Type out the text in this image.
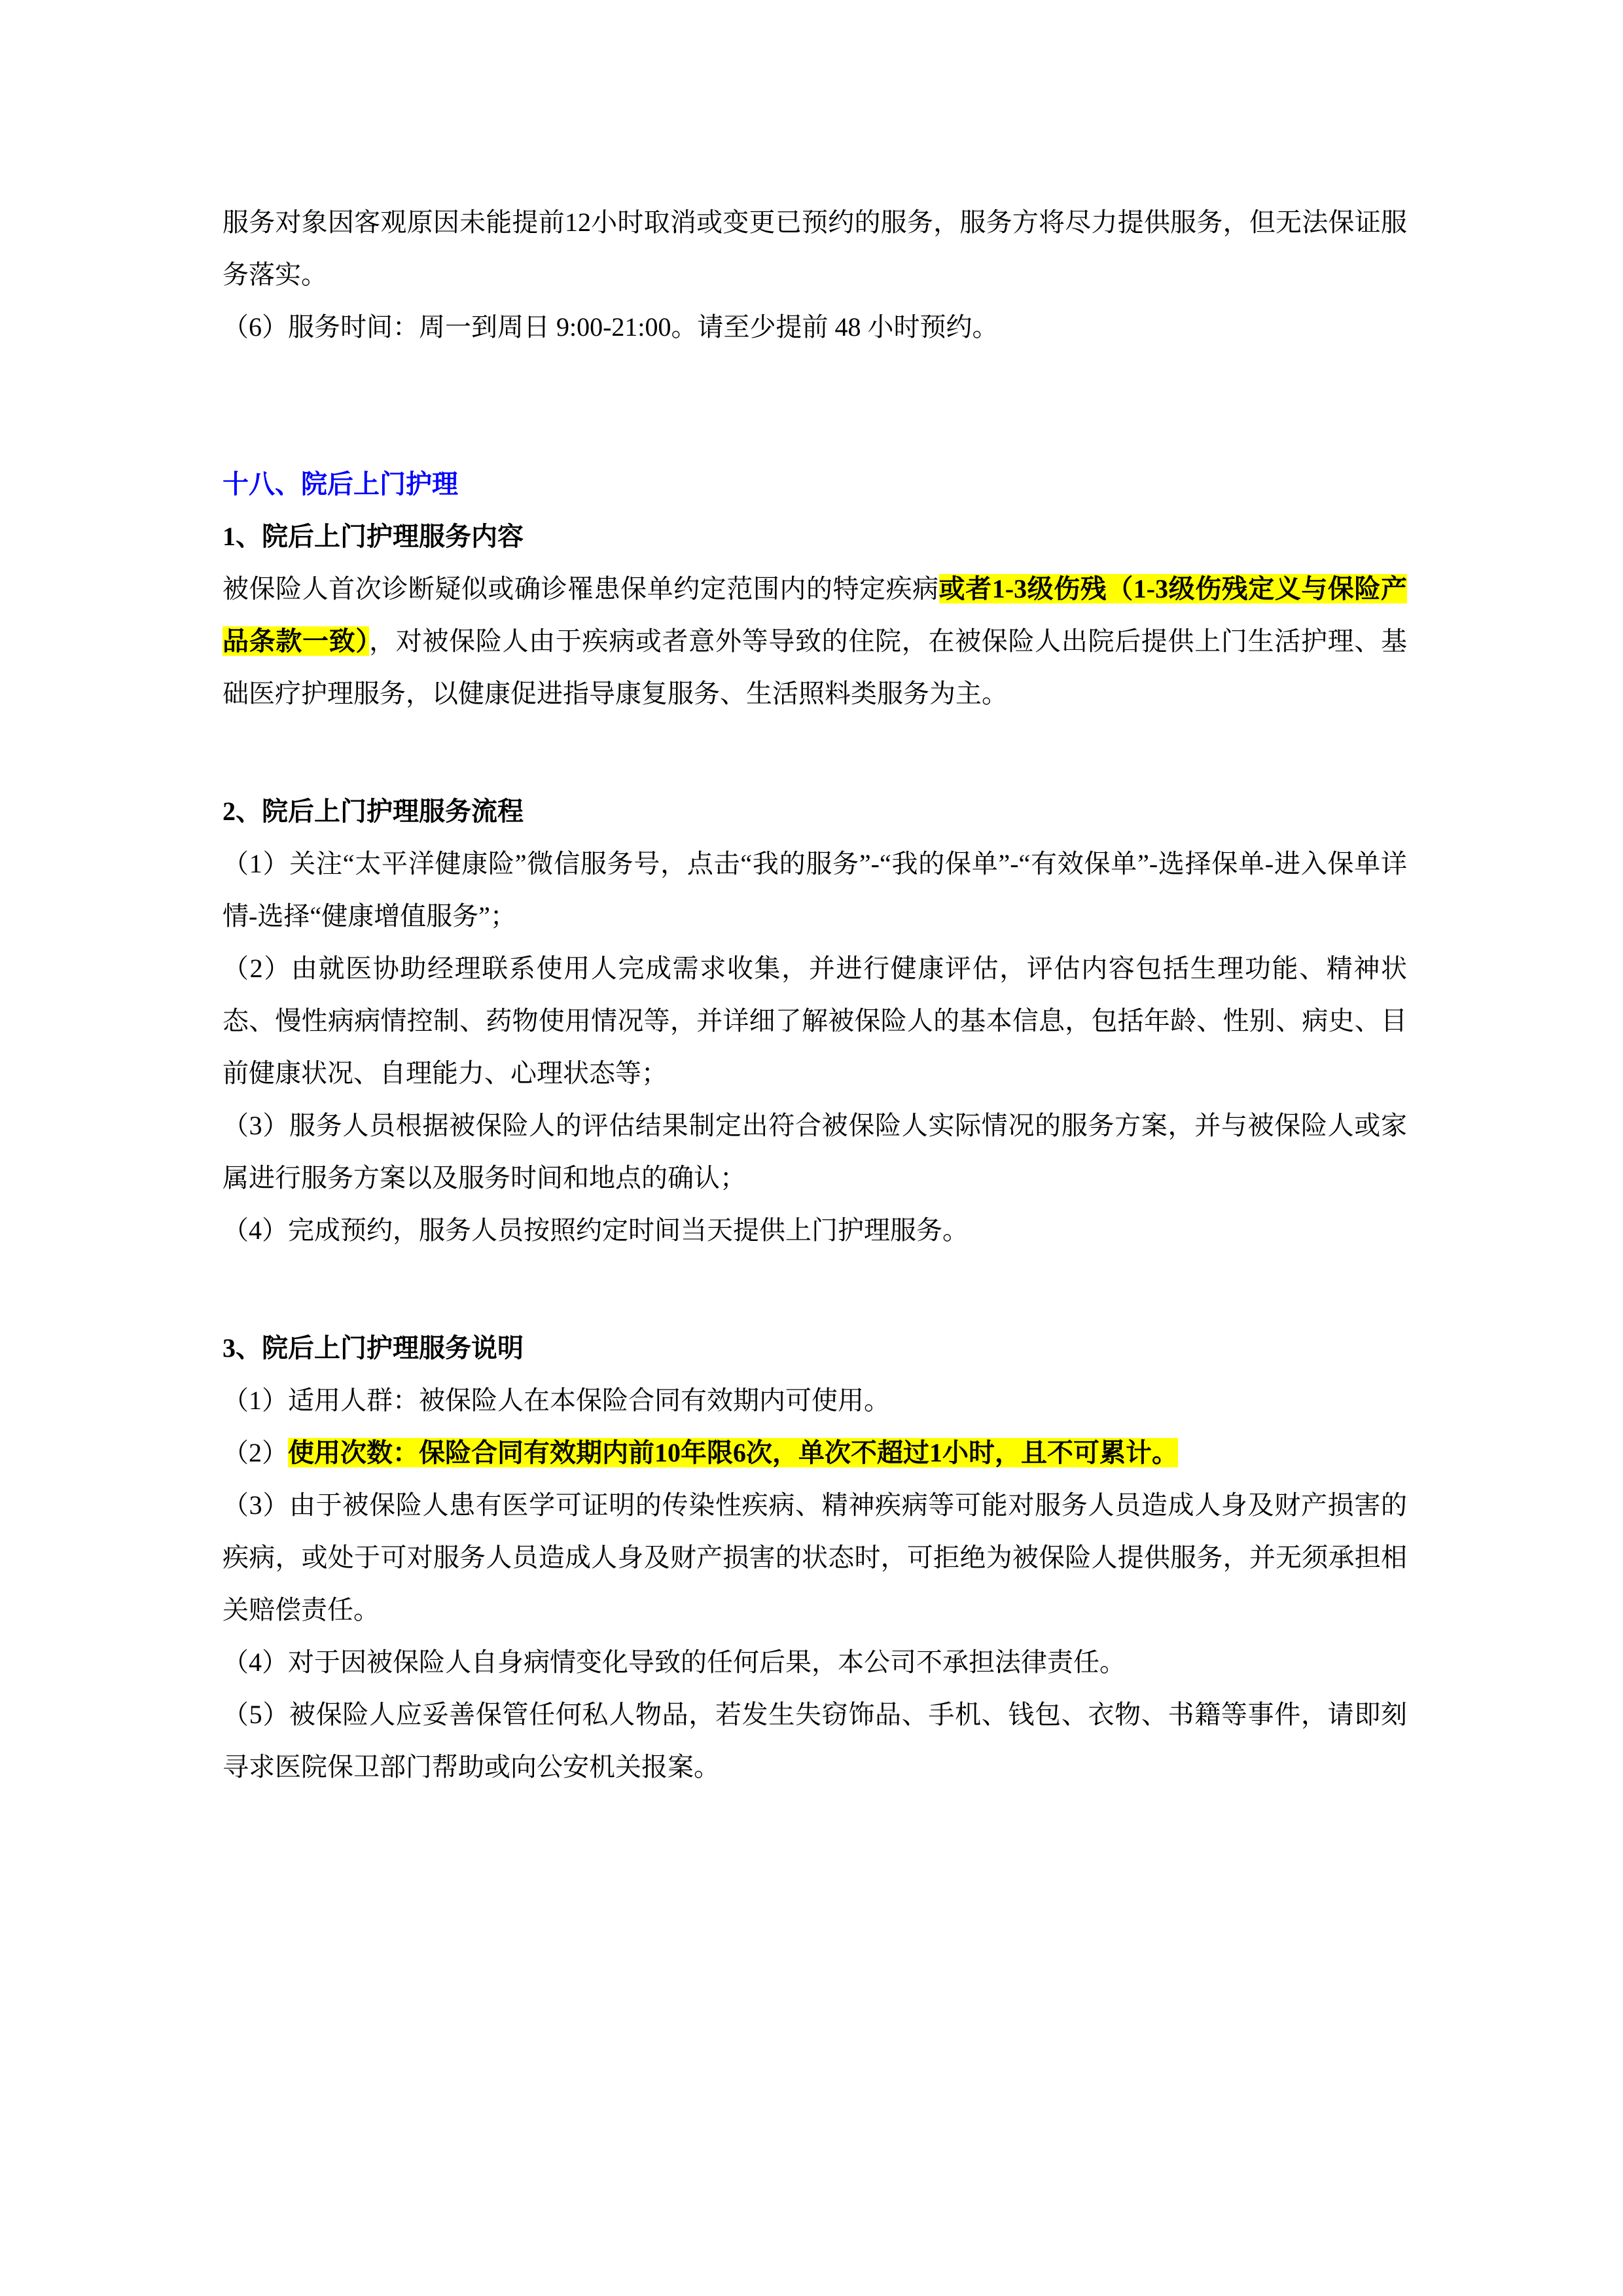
服务对象因客观原因未能提前12小时取消或变更已预约的服务，服务方将尽力提供服务，但无法保证服务落实。

（6）服务时间：周一到周日 9:00-21:00。请至少提前 48 小时预约。

十八、院后上门护理

1、院后上门护理服务内容

被保险人首次诊断疑似或确诊罹患保单约定范围内的特定疾病或者1-3级伤残（1-3级伤残定义与保险产品条款一致），对被保险人由于疾病或者意外等导致的住院，在被保险人出院后提供上门生活护理、基础医疗护理服务，以健康促进指导康复服务、生活照料类服务为主。

2、院后上门护理服务流程

（1）关注“太平洋健康险”微信服务号，点击“我的服务”-“我的保单”-“有效保单”-选择保单-进入保单详情-选择“健康增值服务”；

（2）由就医协助经理联系使用人完成需求收集，并进行健康评估，评估内容包括生理功能、精神状态、慢性病病情控制、药物使用情况等，并详细了解被保险人的基本信息，包括年龄、性别、病史、目前健康状况、自理能力、心理状态等；

（3）服务人员根据被保险人的评估结果制定出符合被保险人实际情况的服务方案，并与被保险人或家属进行服务方案以及服务时间和地点的确认；

（4）完成预约，服务人员按照约定时间当天提供上门护理服务。

3、院后上门护理服务说明

（1）适用人群：被保险人在本保险合同有效期内可使用。

（2）使用次数：保险合同有效期内前10年限6次，单次不超过1小时，且不可累计。

（3）由于被保险人患有医学可证明的传染性疾病、精神疾病等可能对服务人员造成人身及财产损害的疾病，或处于可对服务人员造成人身及财产损害的状态时，可拒绝为被保险人提供服务，并无须承担相关赔偿责任。

（4）对于因被保险人自身病情变化导致的任何后果，本公司不承担法律责任。

（5）被保险人应妥善保管任何私人物品，若发生失窃饰品、手机、钱包、衣物、书籍等事件，请即刻寻求医院保卫部门帮助或向公安机关报案。
